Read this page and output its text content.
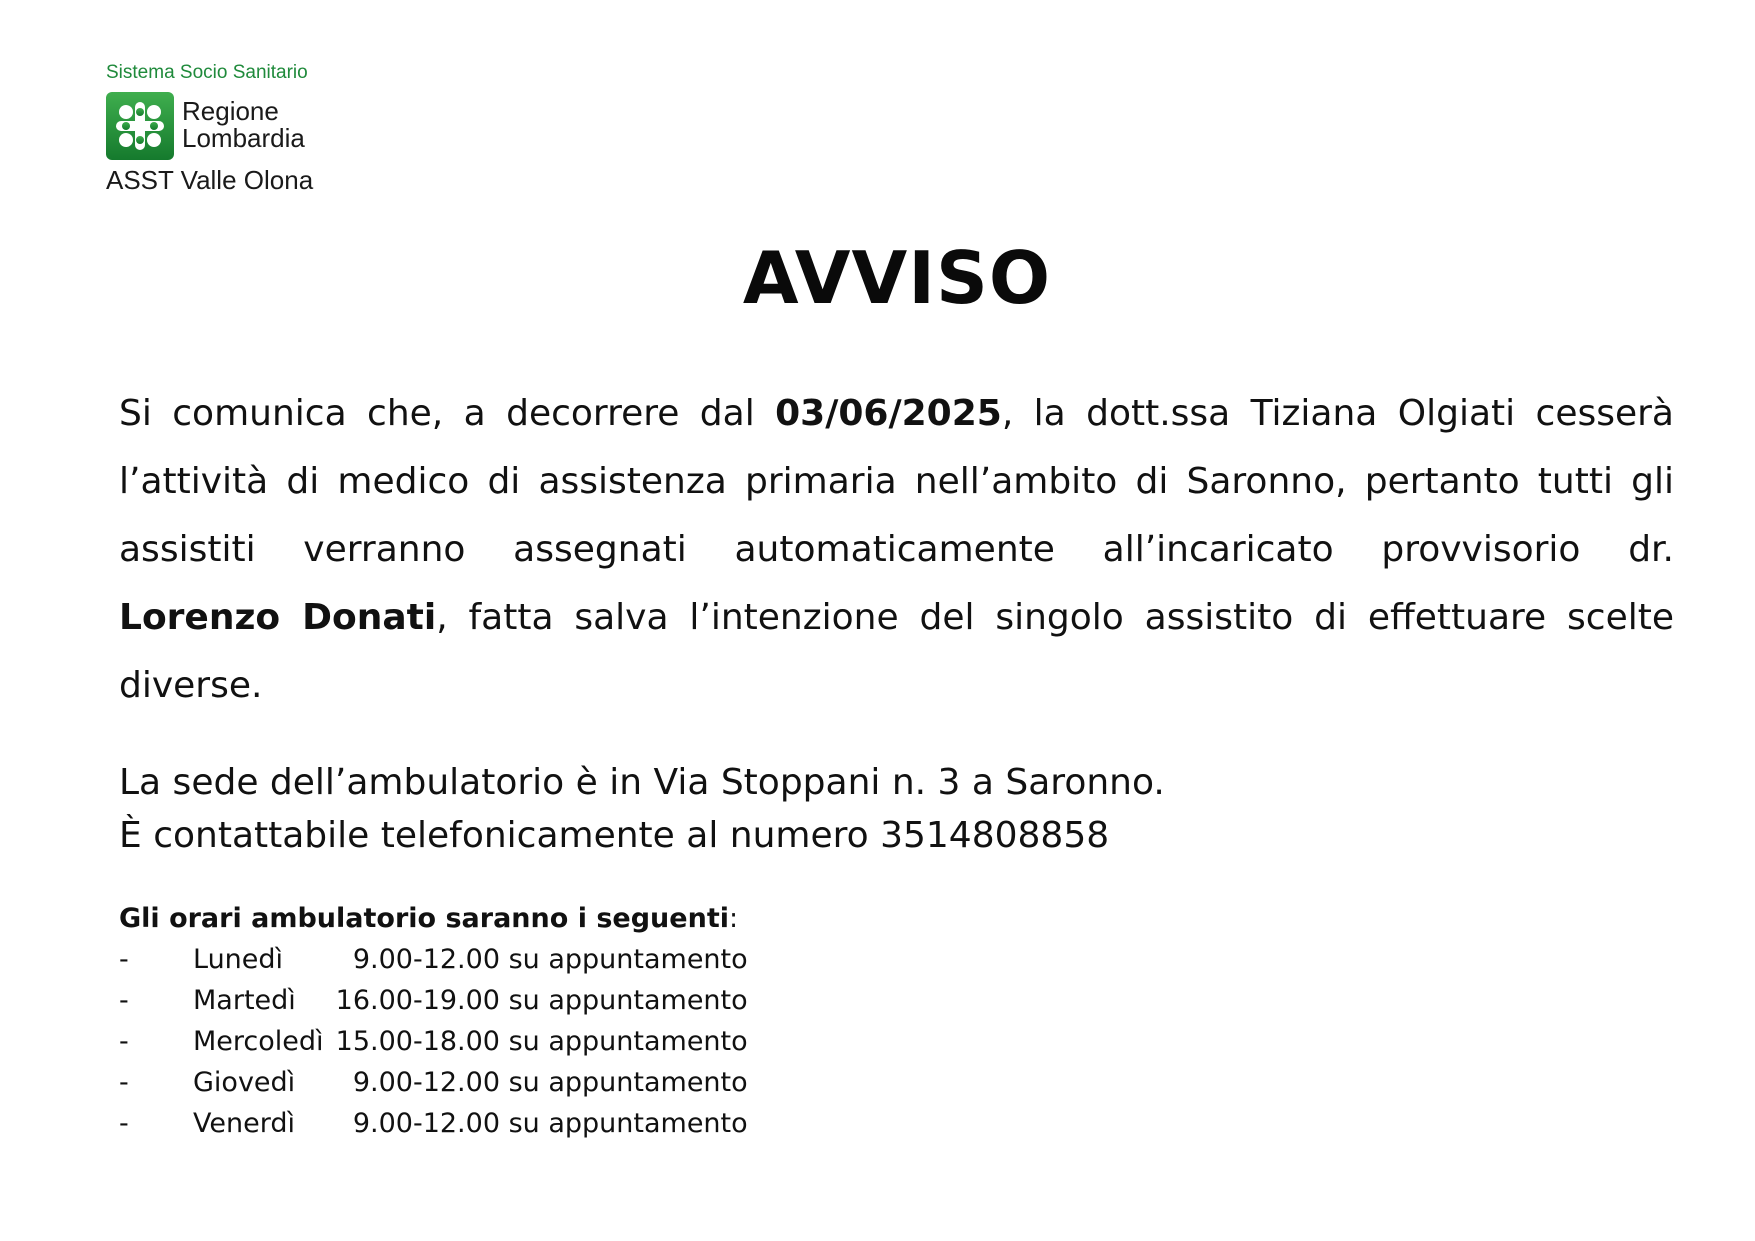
Sistema Socio Sanitario
Regione
Lombardia
ASST Valle Olona
AVVISO
Si comunica che, a decorrere dal 03/06/2025, la dott.ssa Tiziana Olgiati cesserà
l’attività di medico di assistenza primaria nell’ambito di Saronno, pertanto tutti gli
assistiti verranno assegnati automaticamente all’incaricato provvisorio dr.
Lorenzo Donati, fatta salva l’intenzione del singolo assistito di effettuare scelte
diverse.
La sede dell’ambulatorio è in Via Stoppani n. 3 a Saronno.
È contattabile telefonicamente al numero 3514808858
Gli orari ambulatorio saranno i seguenti:
- Lunedì	9.00-12.00 su appuntamento
- Martedì	16.00-19.00 su appuntamento
- Mercoledì 15.00-18.00 su appuntamento
- Giovedì	9.00-12.00 su appuntamento
- Venerdì	9.00-12.00 su appuntamento
